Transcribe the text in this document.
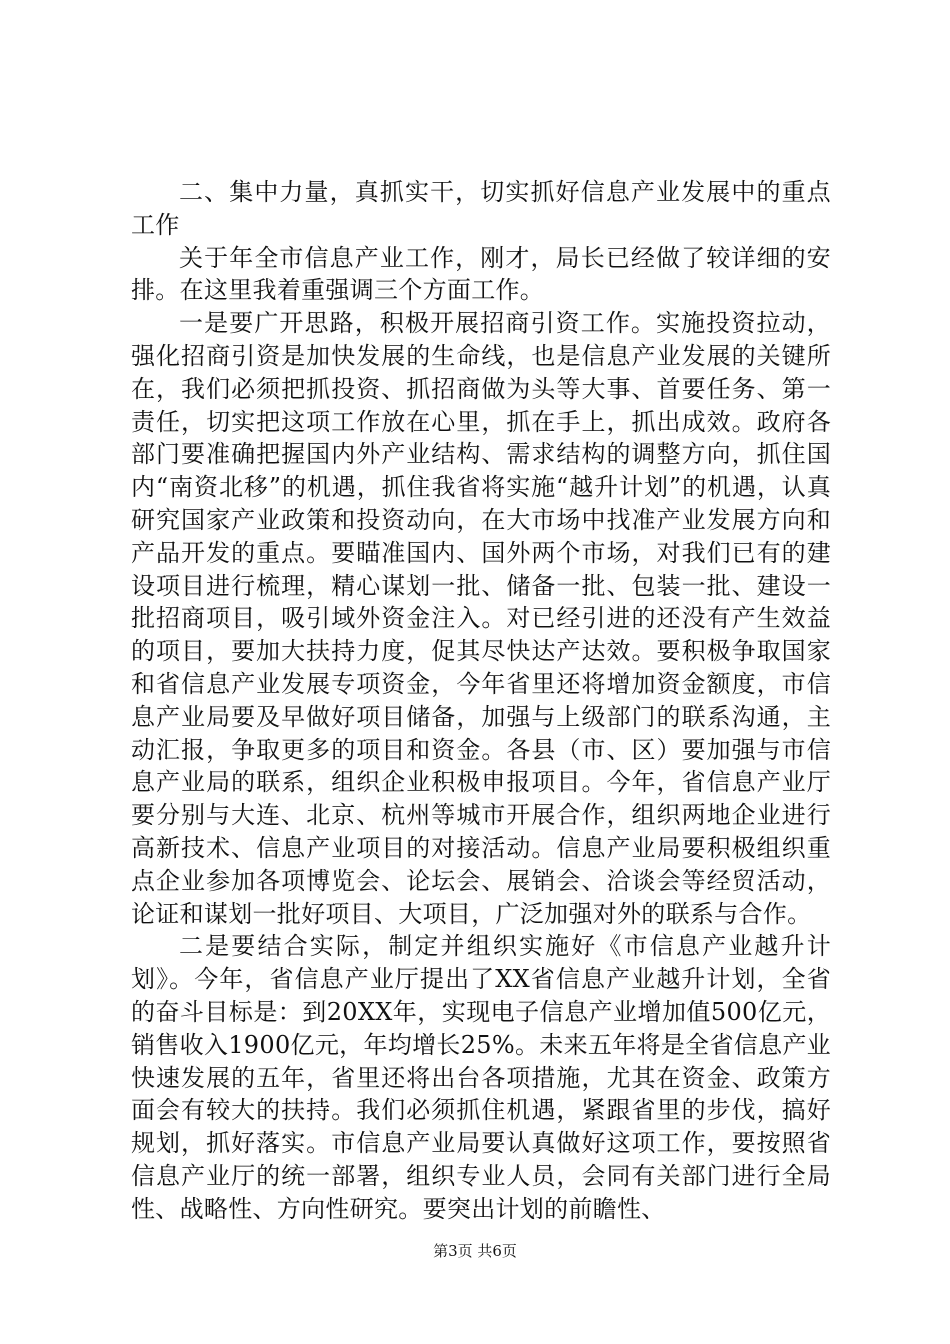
二、集中力量，真抓实干，切实抓好信息产业发展中的重点工作

关于年全市信息产业工作，刚才，局长已经做了较详细的安排。在这里我着重强调三个方面工作。

一是要广开思路，积极开展招商引资工作。实施投资拉动，强化招商引资是加快发展的生命线，也是信息产业发展的关键所在，我们必须把抓投资、抓招商做为头等大事、首要任务、第一责任，切实把这项工作放在心里，抓在手上，抓出成效。政府各部门要准确把握国内外产业结构、需求结构的调整方向，抓住国内“南资北移”的机遇，抓住我省将实施“越升计划”的机遇，认真研究国家产业政策和投资动向，在大市场中找准产业发展方向和产品开发的重点。要瞄准国内、国外两个市场，对我们已有的建设项目进行梳理，精心谋划一批、储备一批、包装一批、建设一批招商项目，吸引域外资金注入。对已经引进的还没有产生效益的项目，要加大扶持力度，促其尽快达产达效。要积极争取国家和省信息产业发展专项资金，今年省里还将增加资金额度，市信息产业局要及早做好项目储备，加强与上级部门的联系沟通，主动汇报，争取更多的项目和资金。各县（市、区）要加强与市信息产业局的联系，组织企业积极申报项目。今年，省信息产业厅要分别与大连、北京、杭州等城市开展合作，组织两地企业进行高新技术、信息产业项目的对接活动。信息产业局要积极组织重点企业参加各项博览会、论坛会、展销会、洽谈会等经贸活动，论证和谋划一批好项目、大项目，广泛加强对外的联系与合作。

二是要结合实际，制定并组织实施好《市信息产业越升计划》。今年，省信息产业厅提出了XX省信息产业越升计划，全省的奋斗目标是：到20XX年，实现电子信息产业增加值500亿元，销售收入1900亿元，年均增长25%。未来五年将是全省信息产业快速发展的五年，省里还将出台各项措施，尤其在资金、政策方面会有较大的扶持。我们必须抓住机遇，紧跟省里的步伐，搞好规划，抓好落实。市信息产业局要认真做好这项工作，要按照省信息产业厅的统一部署，组织专业人员，会同有关部门进行全局性、战略性、方向性研究。要突出计划的前瞻性、

第3页 共6页
